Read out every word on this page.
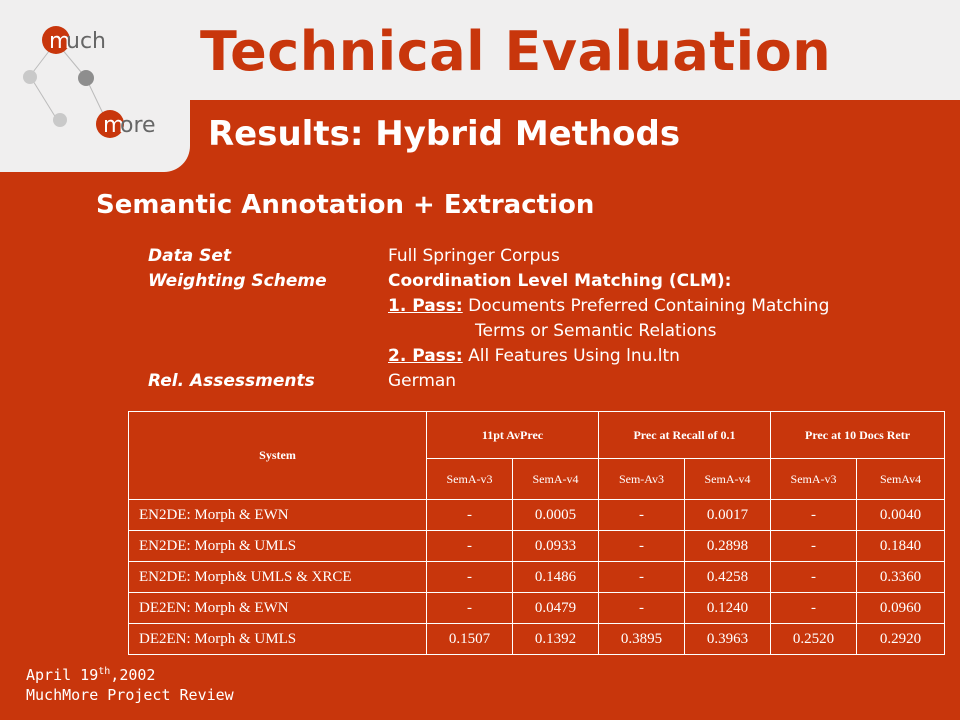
m
uch
m
ore
Technical Evaluation
Results: Hybrid Methods
Semantic Annotation + Extraction
Data Set	Full Springer Corpus
Weighting Scheme	Coordination Level Matching (CLM):
1. Pass: Documents Preferred Containing Matching
Terms or Semantic Relations
2. Pass: All Features Using lnu.ltn
Rel. Assessments	German
System	11pt AvPrec		Prec at Recall of 0.1		Prec at 10 Docs Retr	
	SemA-v3	SemA-v4	Sem-Av3	SemA-v4	SemA-v3	SemAv4
EN2DE: Morph & EWN	-	0.0005	-	0.0017	-	0.0040
EN2DE: Morph & UMLS	-	0.0933	-	0.2898	-	0.1840
EN2DE: Morph& UMLS & XRCE	-	0.1486	-	0.4258	-	0.3360
DE2EN: Morph & EWN	-	0.0479	-	0.1240	-	0.0960
DE2EN: Morph & UMLS	0.1507	0.1392	0.3895	0.3963	0.2520	0.2920
April 19th,2002
MuchMore Project Review
